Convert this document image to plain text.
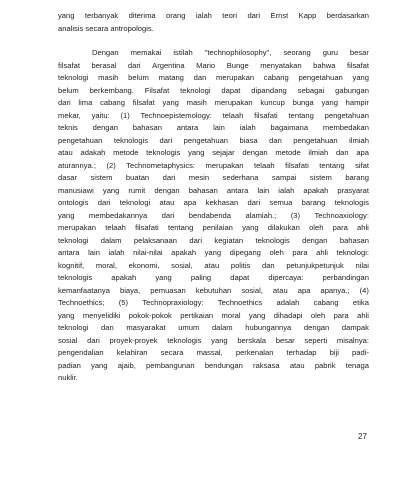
yang terbanyak diterima orang ialah teori dari Ernst Kapp berdasarkan
analisis secara antropologis.
Dengan memakai istilah "technophilosophy", seorang guru besar
filsafat berasal dari Argentina Mario Bunge menyatakan bahwa filsafat
teknologi masih belum matang dan merupakan cabang pengetahuan yang
belum berkembang. Filsafat teknologi dapat dipandang sebagai gabungan
dari lima cabang filsafat yang masih merupakan kuncup bunga yang hampir
mekar, yaitu: (1) Technoepistemology: telaah filsafati tentang pengetahuan
teknis dengan bahasan antara lain ialah bagaimana membedakan
pengetahuan teknologis dari pengetahuan biasa dan pengetahuan ilmiah
atau adakah metode teknologis yang sejajar dengan metode ilmiah dan apa
aturannya.; (2) Technometaphysics: merupakan telaah filsafati tentang sifat
dasar sistem buatan dari mesin sederhana sampai sistem barang
manusiawi yang rumit dengan bahasan antara lain ialah apakah prasyarat
ontologis dari teknologi atau apa kekhasan dari semua barang teknologis
yang membedakannya dari bendabenda alamiah.; (3) Technoaxiology:
merupakan telaah filsafati tentang penilaian yang dilakukan oleh para ahli
teknologi dalam pelaksanaan dari kegiatan teknologis dengan bahasan
antara lain ialah nilai-nilai apakah yang dipegang oleh para ahli teknologi:
kognitif, moral, ekonomi, sosial, atau politis dan petunjukpetunjuk nilai
teknologis	apakah	yang	paling	dapat	dipercaya:	perbandingan
kemanfaatanya biaya, pemuasan kebutuhan sosial, atau apa apanya.; (4)
Technoethics; (5) Technopraxiology: Technoethics adalah cabang etika
yang menyelidiki pokok-pokok pertikaian moral yang dihadapi oleh para ahli
teknologi dan masyarakat umum dalam hubungannya dengan dampak
sosial dari proyek-proyek teknologis yang berskala besar seperti misalnya:
pengendalian kelahiran secara massal, perkenalan terhadap biji padi-
padian yang ajaib, pembangunan bendungan raksasa atau pabrik tenaga
nuklir.
27
